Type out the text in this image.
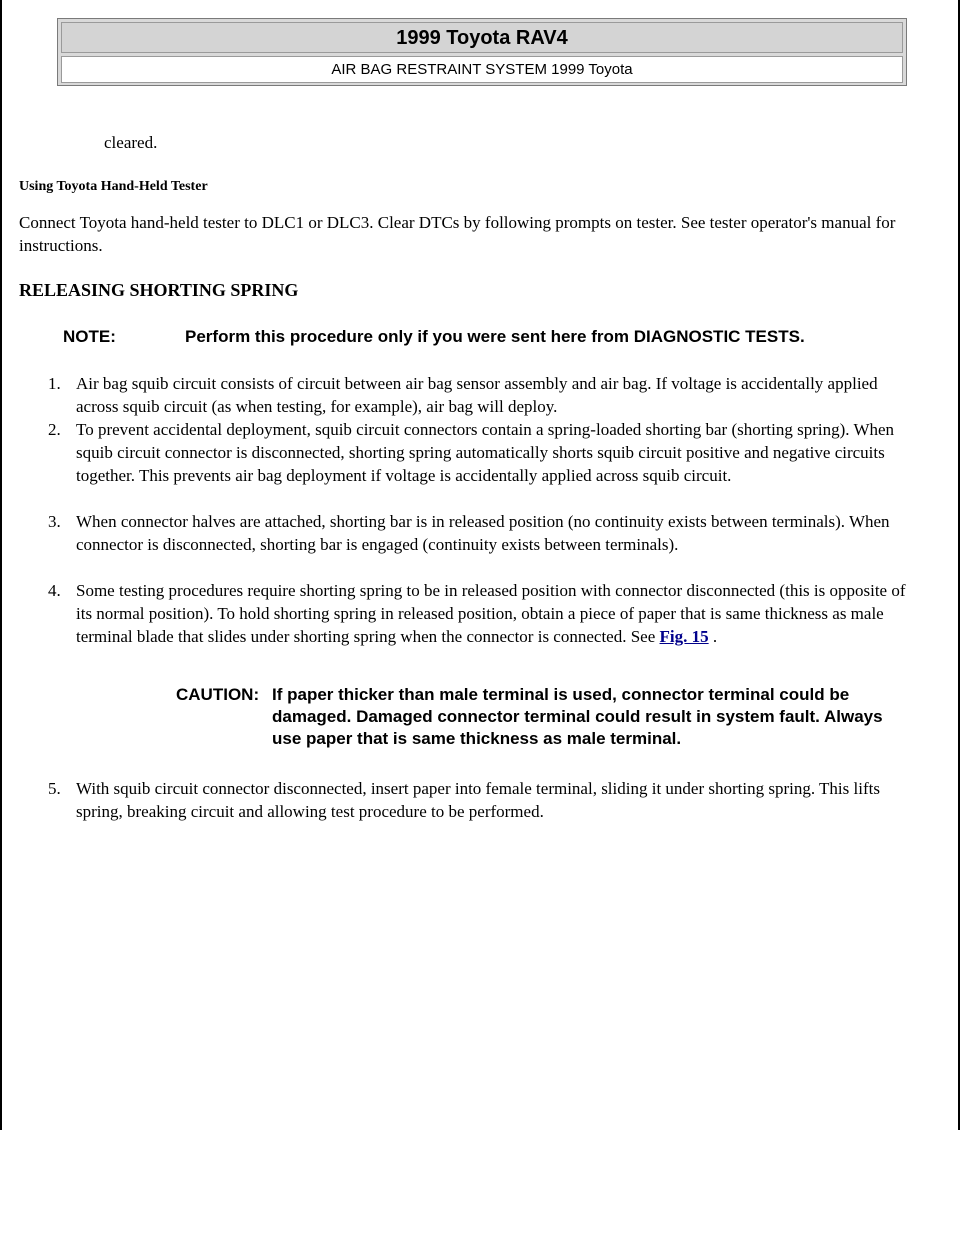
1999 Toyota RAV4
AIR BAG RESTRAINT SYSTEM 1999 Toyota
cleared.
Using Toyota Hand-Held Tester
Connect Toyota hand-held tester to DLC1 or DLC3. Clear DTCs by following prompts on tester. See tester operator's manual for instructions.
RELEASING SHORTING SPRING
NOTE:	Perform this procedure only if you were sent here from DIAGNOSTIC TESTS.
1. Air bag squib circuit consists of circuit between air bag sensor assembly and air bag. If voltage is accidentally applied across squib circuit (as when testing, for example), air bag will deploy.
2. To prevent accidental deployment, squib circuit connectors contain a spring-loaded shorting bar (shorting spring). When squib circuit connector is disconnected, shorting spring automatically shorts squib circuit positive and negative circuits together. This prevents air bag deployment if voltage is accidentally applied across squib circuit.
3. When connector halves are attached, shorting bar is in released position (no continuity exists between terminals). When connector is disconnected, shorting bar is engaged (continuity exists between terminals).
4. Some testing procedures require shorting spring to be in released position with connector disconnected (this is opposite of its normal position). To hold shorting spring in released position, obtain a piece of paper that is same thickness as male terminal blade that slides under shorting spring when the connector is connected. See Fig. 15 .
CAUTION: If paper thicker than male terminal is used, connector terminal could be damaged. Damaged connector terminal could result in system fault. Always use paper that is same thickness as male terminal.
5. With squib circuit connector disconnected, insert paper into female terminal, sliding it under shorting spring. This lifts spring, breaking circuit and allowing test procedure to be performed.
